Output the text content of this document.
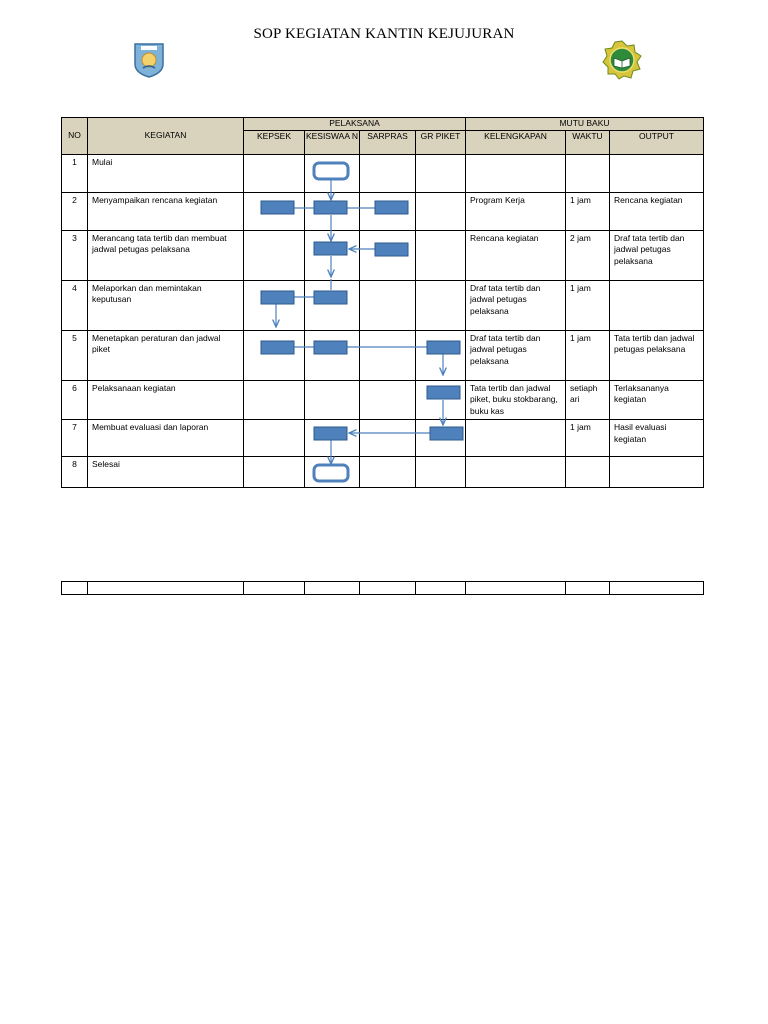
SOP KEGIATAN KANTIN KEJUJURAN
NO	KEGIATAN	PELAKSANA				MUTU BAKU		
		KEPSEK	KESISWAA N	SARPRAS	GR PIKET	KELENGKAPAN	WAKTU	OUTPUT
1	Mulai							
2	Menyampaikan rencana kegiatan					Program Kerja	1 jam	Rencana kegiatan
3	Merancang tata tertib dan membuat jadwal petugas pelaksana					Rencana kegiatan	2 jam	Draf tata tertib dan jadwal petugas pelaksana
4	Melaporkan dan memintakan keputusan					Draf tata tertib dan jadwal petugas pelaksana	1 jam	
5	Menetapkan peraturan dan jadwal piket					Draf tata tertib dan jadwal petugas pelaksana	1 jam	Tata tertib dan jadwal petugas pelaksana
6	Pelaksanaan kegiatan					Tata tertib dan jadwal piket, buku stokbarang, buku kas	setiaph ari	Terlaksananya kegiatan
7	Membuat evaluasi dan laporan						1 jam	Hasil evaluasi kegiatan
8	Selesai							
